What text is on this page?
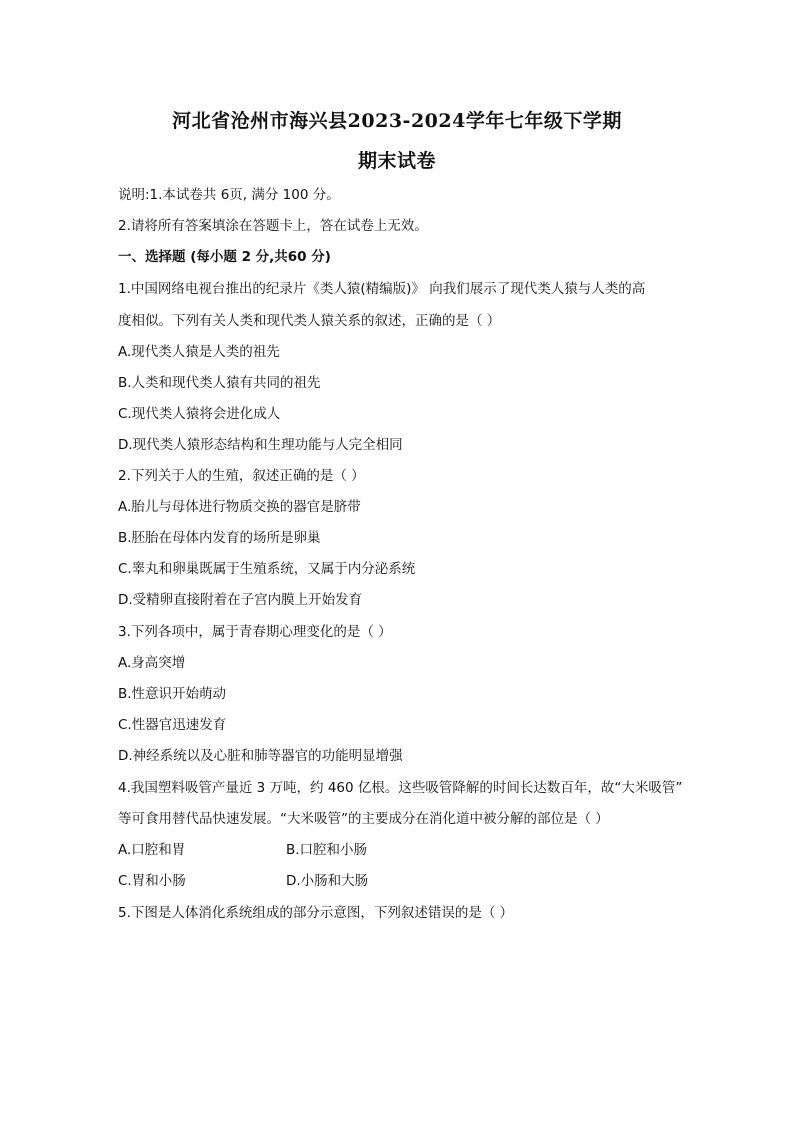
河北省沧州市海兴县2023-2024学年七年级下学期
期末试卷
说明:1.本试卷共 6页, 满分 100 分。
2.请将所有答案填涂在答题卡上，答在试卷上无效。
一、选择题 (每小题 2 分,共60 分)
1.中国网络电视台推出的纪录片《类人猿(精编版)》 向我们展示了现代类人猿与人类的高
度相似。下列有关人类和现代类人猿关系的叙述，正确的是（ ）
A.现代类人猿是人类的祖先
B.人类和现代类人猿有共同的祖先
C.现代类人猿将会进化成人
D.现代类人猿形态结构和生理功能与人完全相同
2.下列关于人的生殖，叙述正确的是（ ）
A.胎儿与母体进行物质交换的器官是脐带
B.胚胎在母体内发育的场所是卵巢
C.睾丸和卵巢既属于生殖系统，又属于内分泌系统
D.受精卵直接附着在子宫内膜上开始发育
3.下列各项中，属于青春期心理变化的是（ ）
A.身高突增
B.性意识开始萌动
C.性器官迅速发育
D.神经系统以及心脏和肺等器官的功能明显增强
4.我国塑料吸管产量近 3 万吨，约 460 亿根。这些吸管降解的时间长达数百年，故“大米吸管”
等可食用替代品快速发展。“大米吸管”的主要成分在消化道中被分解的部位是（ ）
A.口腔和胃	B.口腔和小肠
C.胃和小肠	D.小肠和大肠
5.下图是人体消化系统组成的部分示意图，下列叙述错误的是（ ）
